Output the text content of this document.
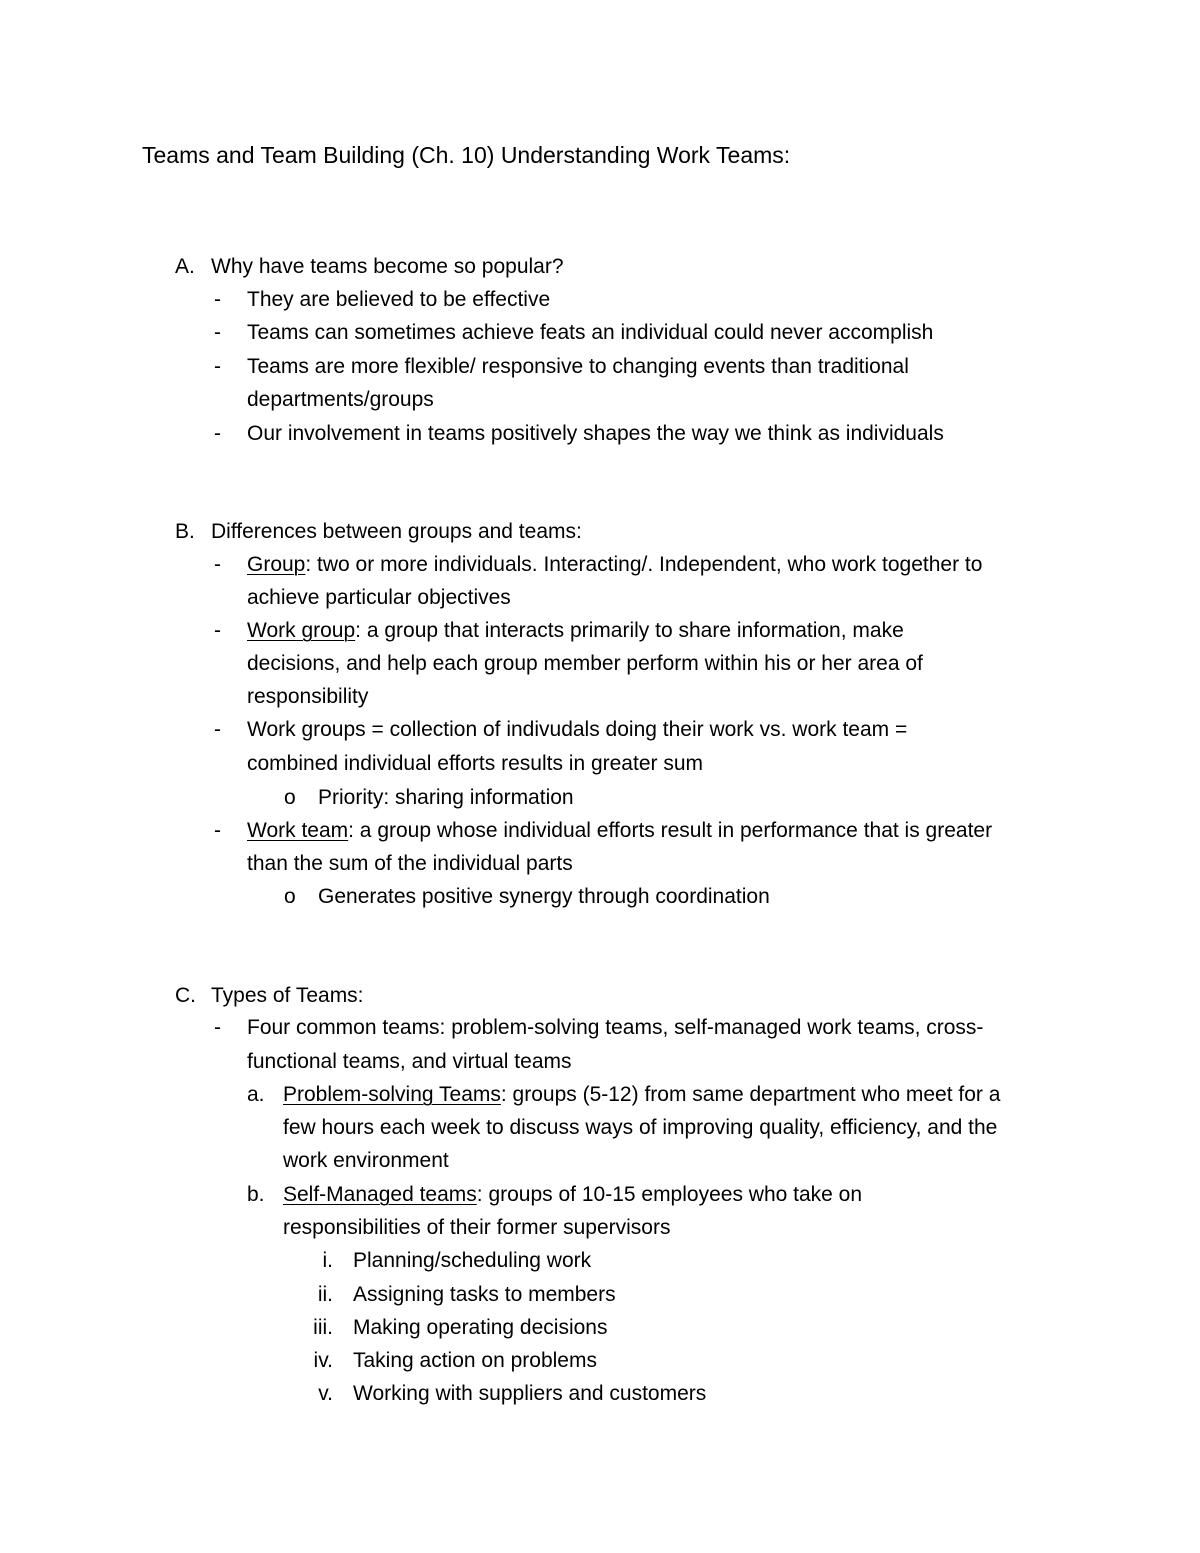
Teams and Team Building (Ch. 10) Understanding Work Teams:
A. Why have teams become so popular?
- They are believed to be effective
- Teams can sometimes achieve feats an individual could never accomplish
- Teams are more flexible/ responsive to changing events than traditional
departments/groups
- Our involvement in teams positively shapes the way we think as individuals
B. Differences between groups and teams:
- Group: two or more individuals. Interacting/. Independent, who work together to
achieve particular objectives
- Work group: a group that interacts primarily to share information, make
decisions, and help each group member perform within his or her area of
responsibility
- Work groups = collection of indivudals doing their work vs. work team =
combined individual efforts results in greater sum
o Priority: sharing information
- Work team: a group whose individual efforts result in performance that is greater
than the sum of the individual parts
o Generates positive synergy through coordination
C. Types of Teams:
- Four common teams: problem-solving teams, self-managed work teams, cross-
functional teams, and virtual teams
a. Problem-solving Teams: groups (5-12) from same department who meet for a
few hours each week to discuss ways of improving quality, efficiency, and the
work environment
b. Self-Managed teams: groups of 10-15 employees who take on
responsibilities of their former supervisors
i. Planning/scheduling work
ii. Assigning tasks to members
iii. Making operating decisions
iv. Taking action on problems
v. Working with suppliers and customers
